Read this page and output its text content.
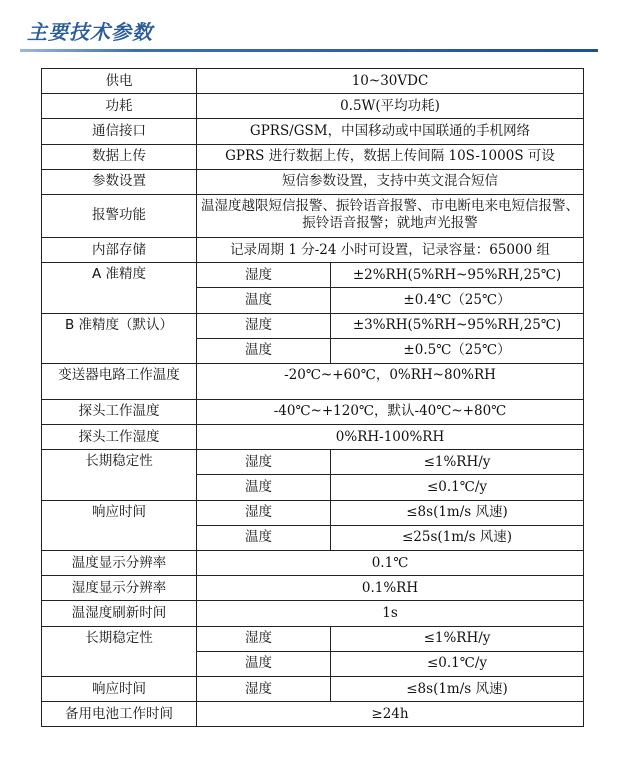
主要技术参数
供电	10~30VDC	
功耗	0.5W(平均功耗)	
通信接口	GPRS/GSM，中国移动或中国联通的手机网络	
数据上传	GPRS 进行数据上传，数据上传间隔 10S-1000S 可设	
参数设置	短信参数设置，支持中英文混合短信	
报警功能	温湿度越限短信报警、振铃语音报警、市电断电来电短信报警、振铃语音报警；就地声光报警	
内部存储	记录周期 1 分-24 小时可设置，记录容量：65000 组	
A 准精度	湿度	±2%RH(5%RH~95%RH,25℃)
	温度	±0.4℃（25℃）
B 准精度（默认）	湿度	±3%RH(5%RH~95%RH,25℃)
	温度	±0.5℃（25℃）
变送器电路工作温度	-20℃~+60℃，0%RH~80%RH	
探头工作温度	-40℃~+120℃，默认-40℃~+80℃	
探头工作湿度	0%RH-100%RH	
长期稳定性	湿度	≤1%RH/y
	温度	≤0.1℃/y
响应时间	湿度	≤8s(1m/s 风速)
	温度	≤25s(1m/s 风速)
温度显示分辨率	0.1℃	
湿度显示分辨率	0.1%RH	
温湿度刷新时间	1s	
长期稳定性	湿度	≤1%RH/y
	温度	≤0.1℃/y
响应时间	湿度	≤8s(1m/s 风速)
备用电池工作时间	≥24h	
